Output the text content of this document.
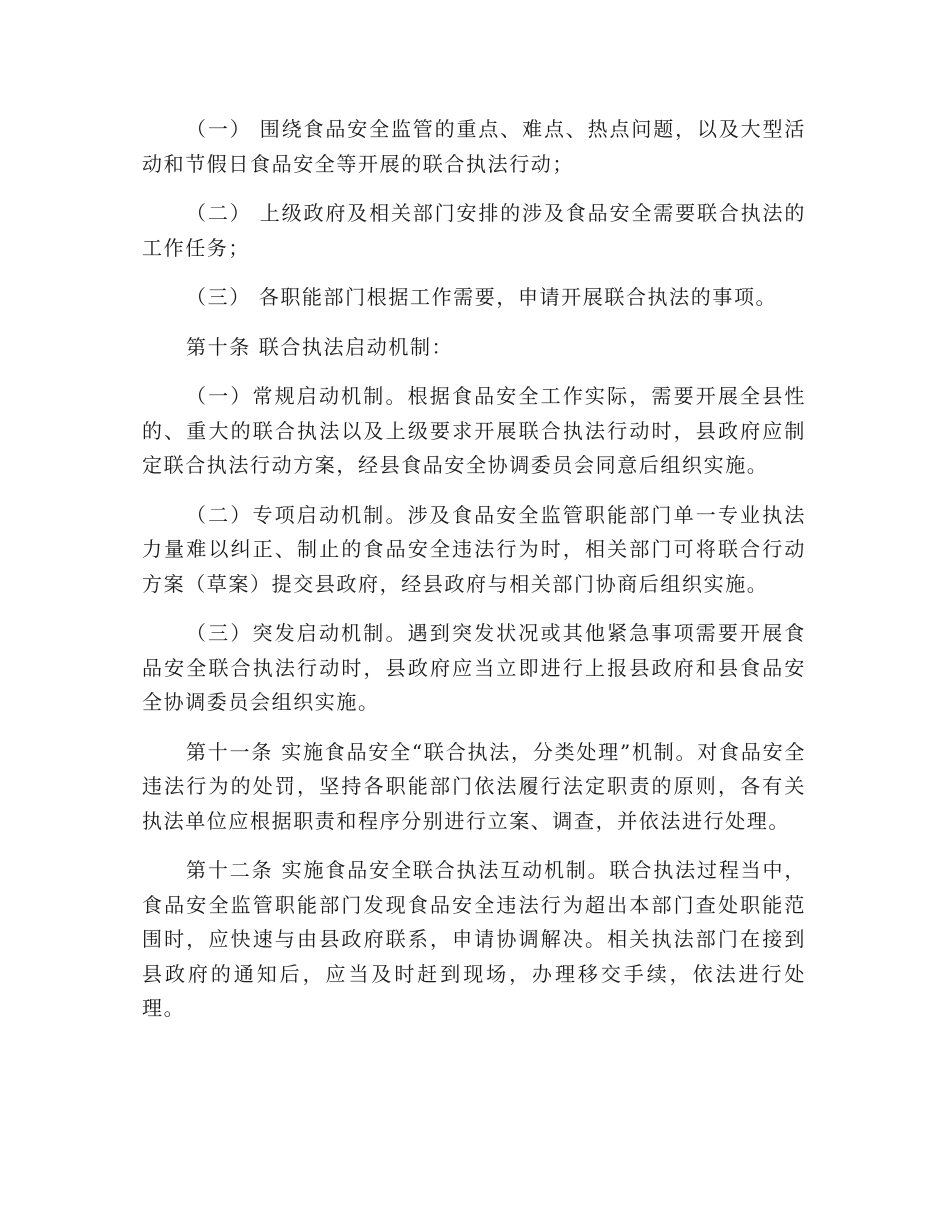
（一） 围绕食品安全监管的重点、难点、热点问题，以及大型活动和节假日食品安全等开展的联合执法行动；

（二） 上级政府及相关部门安排的涉及食品安全需要联合执法的工作任务；

（三） 各职能部门根据工作需要，申请开展联合执法的事项。

第十条 联合执法启动机制：

（一）常规启动机制。根据食品安全工作实际，需要开展全县性的、重大的联合执法以及上级要求开展联合执法行动时，县政府应制定联合执法行动方案，经县食品安全协调委员会同意后组织实施。

（二）专项启动机制。涉及食品安全监管职能部门单一专业执法力量难以纠正、制止的食品安全违法行为时，相关部门可将联合行动方案（草案）提交县政府，经县政府与相关部门协商后组织实施。

（三）突发启动机制。遇到突发状况或其他紧急事项需要开展食品安全联合执法行动时，县政府应当立即进行上报县政府和县食品安全协调委员会组织实施。

第十一条 实施食品安全“联合执法，分类处理”机制。对食品安全违法行为的处罚，坚持各职能部门依法履行法定职责的原则，各有关执法单位应根据职责和程序分别进行立案、调查，并依法进行处理。

第十二条 实施食品安全联合执法互动机制。联合执法过程当中，食品安全监管职能部门发现食品安全违法行为超出本部门查处职能范围时，应快速与由县政府联系，申请协调解决。相关执法部门在接到县政府的通知后，应当及时赶到现场，办理移交手续，依法进行处理。
